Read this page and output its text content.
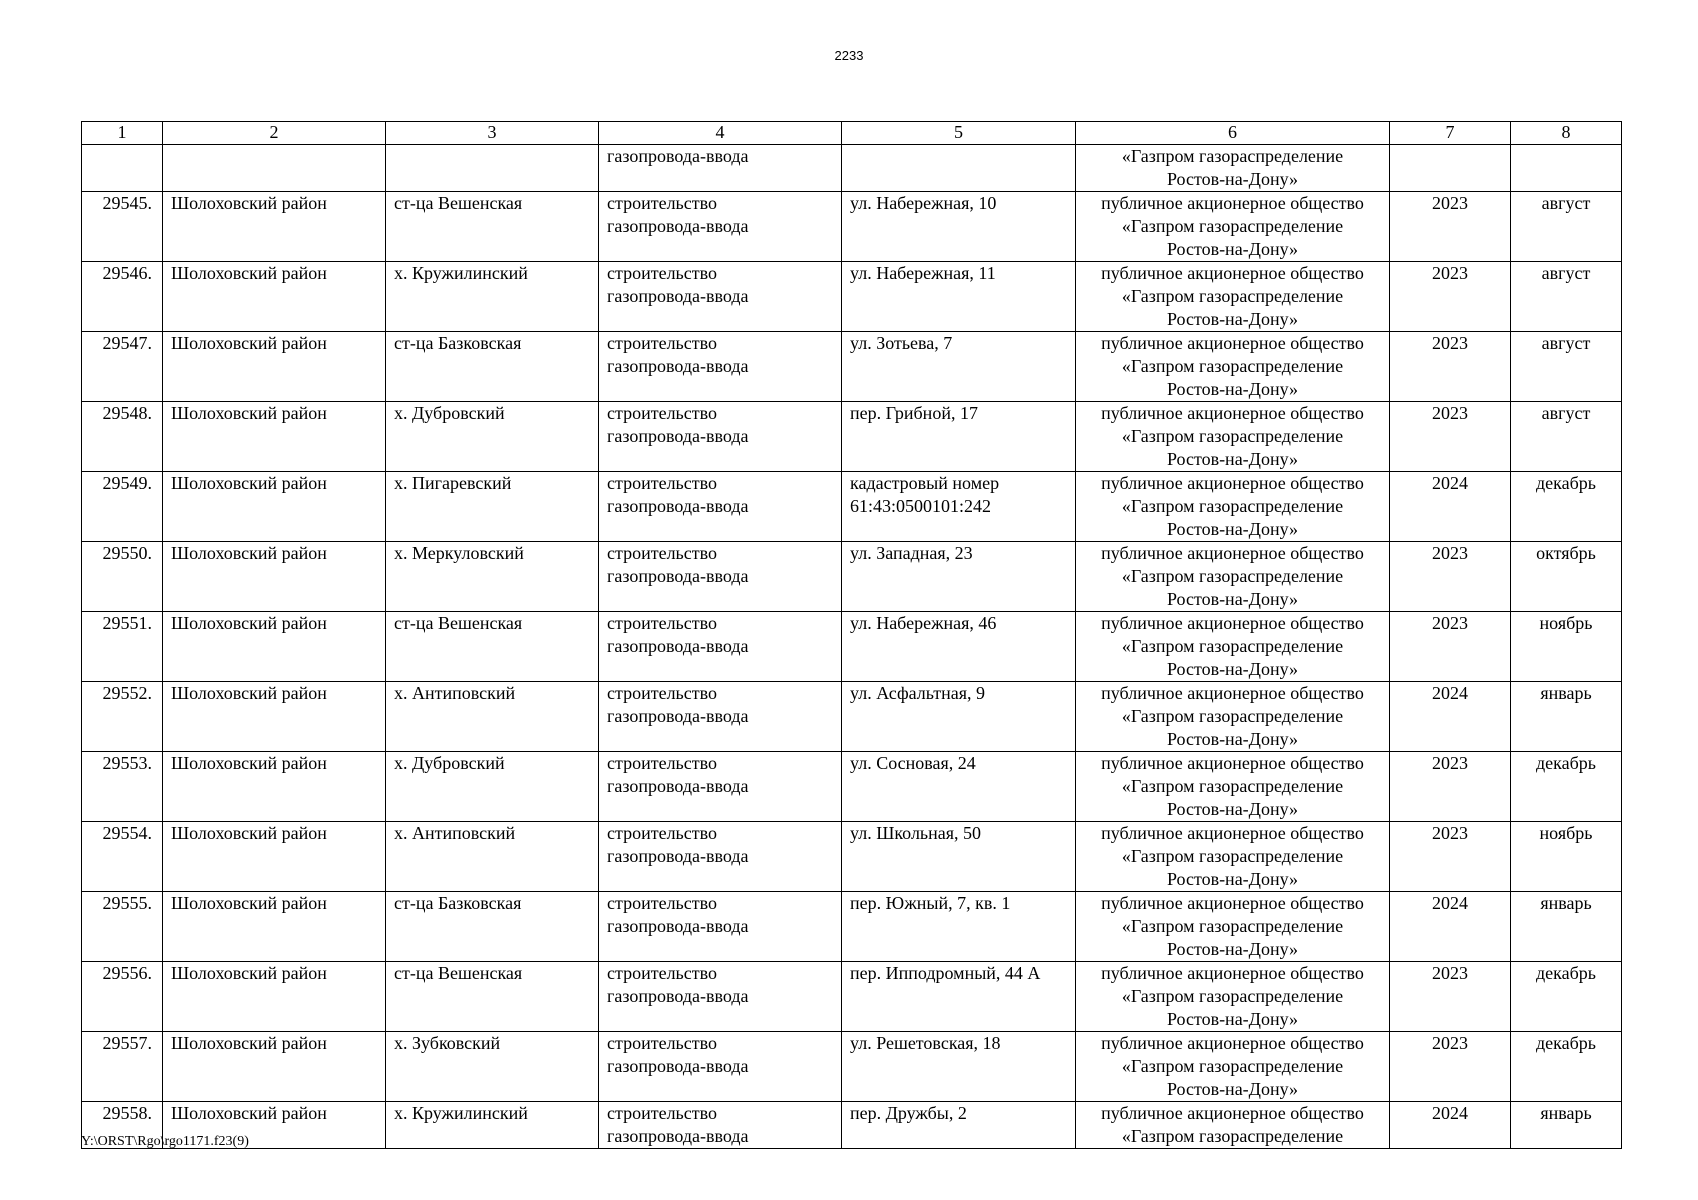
2233
1	2	3	4	5	6	7	8
			газопровода-ввода		«Газпром газораспределение
Ростов-на-Дону»		
29545.	Шолоховский район	ст-ца Вешенская	строительство
газопровода-ввода	ул. Набережная, 10	публичное акционерное общество
«Газпром газораспределение
Ростов-на-Дону»	2023	август
29546.	Шолоховский район	х. Кружилинский	строительство
газопровода-ввода	ул. Набережная, 11	публичное акционерное общество
«Газпром газораспределение
Ростов-на-Дону»	2023	август
29547.	Шолоховский район	ст-ца Базковская	строительство
газопровода-ввода	ул. Зотьева, 7	публичное акционерное общество
«Газпром газораспределение
Ростов-на-Дону»	2023	август
29548.	Шолоховский район	х. Дубровский	строительство
газопровода-ввода	пер. Грибной, 17	публичное акционерное общество
«Газпром газораспределение
Ростов-на-Дону»	2023	август
29549.	Шолоховский район	х. Пигаревский	строительство
газопровода-ввода	кадастровый номер
61:43:0500101:242	публичное акционерное общество
«Газпром газораспределение
Ростов-на-Дону»	2024	декабрь
29550.	Шолоховский район	х. Меркуловский	строительство
газопровода-ввода	ул. Западная, 23	публичное акционерное общество
«Газпром газораспределение
Ростов-на-Дону»	2023	октябрь
29551.	Шолоховский район	ст-ца Вешенская	строительство
газопровода-ввода	ул. Набережная, 46	публичное акционерное общество
«Газпром газораспределение
Ростов-на-Дону»	2023	ноябрь
29552.	Шолоховский район	х. Антиповский	строительство
газопровода-ввода	ул. Асфальтная, 9	публичное акционерное общество
«Газпром газораспределение
Ростов-на-Дону»	2024	январь
29553.	Шолоховский район	х. Дубровский	строительство
газопровода-ввода	ул. Сосновая, 24	публичное акционерное общество
«Газпром газораспределение
Ростов-на-Дону»	2023	декабрь
29554.	Шолоховский район	х. Антиповский	строительство
газопровода-ввода	ул. Школьная, 50	публичное акционерное общество
«Газпром газораспределение
Ростов-на-Дону»	2023	ноябрь
29555.	Шолоховский район	ст-ца Базковская	строительство
газопровода-ввода	пер. Южный, 7, кв. 1	публичное акционерное общество
«Газпром газораспределение
Ростов-на-Дону»	2024	январь
29556.	Шолоховский район	ст-ца Вешенская	строительство
газопровода-ввода	пер. Ипподромный, 44 А	публичное акционерное общество
«Газпром газораспределение
Ростов-на-Дону»	2023	декабрь
29557.	Шолоховский район	х. Зубковский	строительство
газопровода-ввода	ул. Решетовская, 18	публичное акционерное общество
«Газпром газораспределение
Ростов-на-Дону»	2023	декабрь
29558.	Шолоховский район	х. Кружилинский	строительство
газопровода-ввода	пер. Дружбы, 2	публичное акционерное общество
«Газпром газораспределение	2024	январь
Y:\ORST\Rgo\rgo1171.f23(9)
